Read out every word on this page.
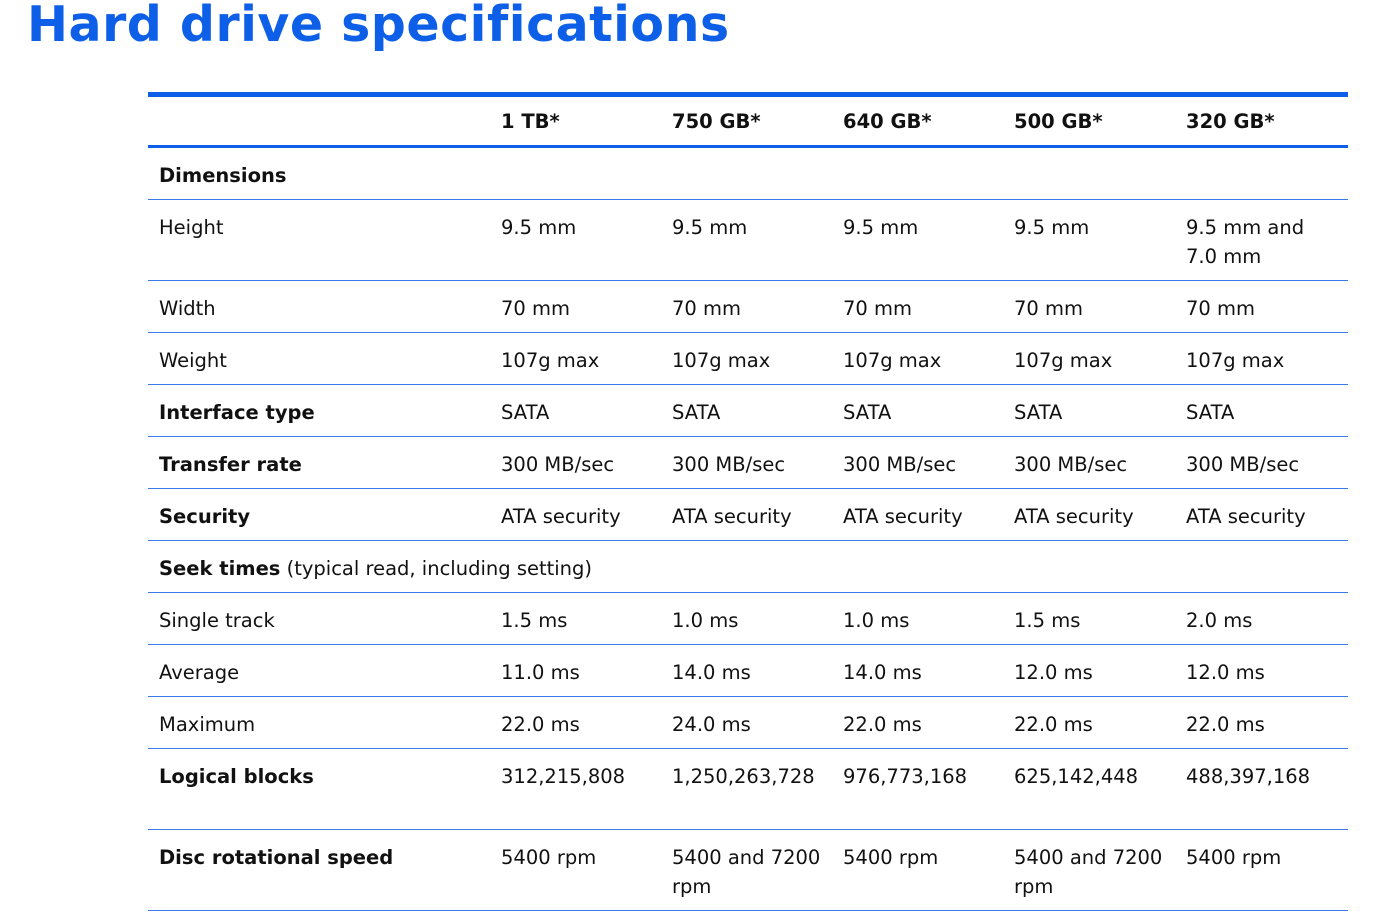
Hard drive specifications
	1 TB*	750 GB*	640 GB*	500 GB*	320 GB*
Dimensions					
Height	9.5 mm	9.5 mm	9.5 mm	9.5 mm	9.5 mm and 7.0 mm
Width	70 mm	70 mm	70 mm	70 mm	70 mm
Weight	107g max	107g max	107g max	107g max	107g max
Interface type	SATA	SATA	SATA	SATA	SATA
Transfer rate	300 MB/sec	300 MB/sec	300 MB/sec	300 MB/sec	300 MB/sec
Security	ATA security	ATA security	ATA security	ATA security	ATA security
Seek times (typical read, including setting)					
Single track	1.5 ms	1.0 ms	1.0 ms	1.5 ms	2.0 ms
Average	11.0 ms	14.0 ms	14.0 ms	12.0 ms	12.0 ms
Maximum	22.0 ms	24.0 ms	22.0 ms	22.0 ms	22.0 ms
Logical blocks	312,215,808	1,250,263,728	976,773,168	625,142,448	488,397,168
Disc rotational speed	5400 rpm	5400 and 7200 rpm	5400 rpm	5400 and 7200 rpm	5400 rpm
